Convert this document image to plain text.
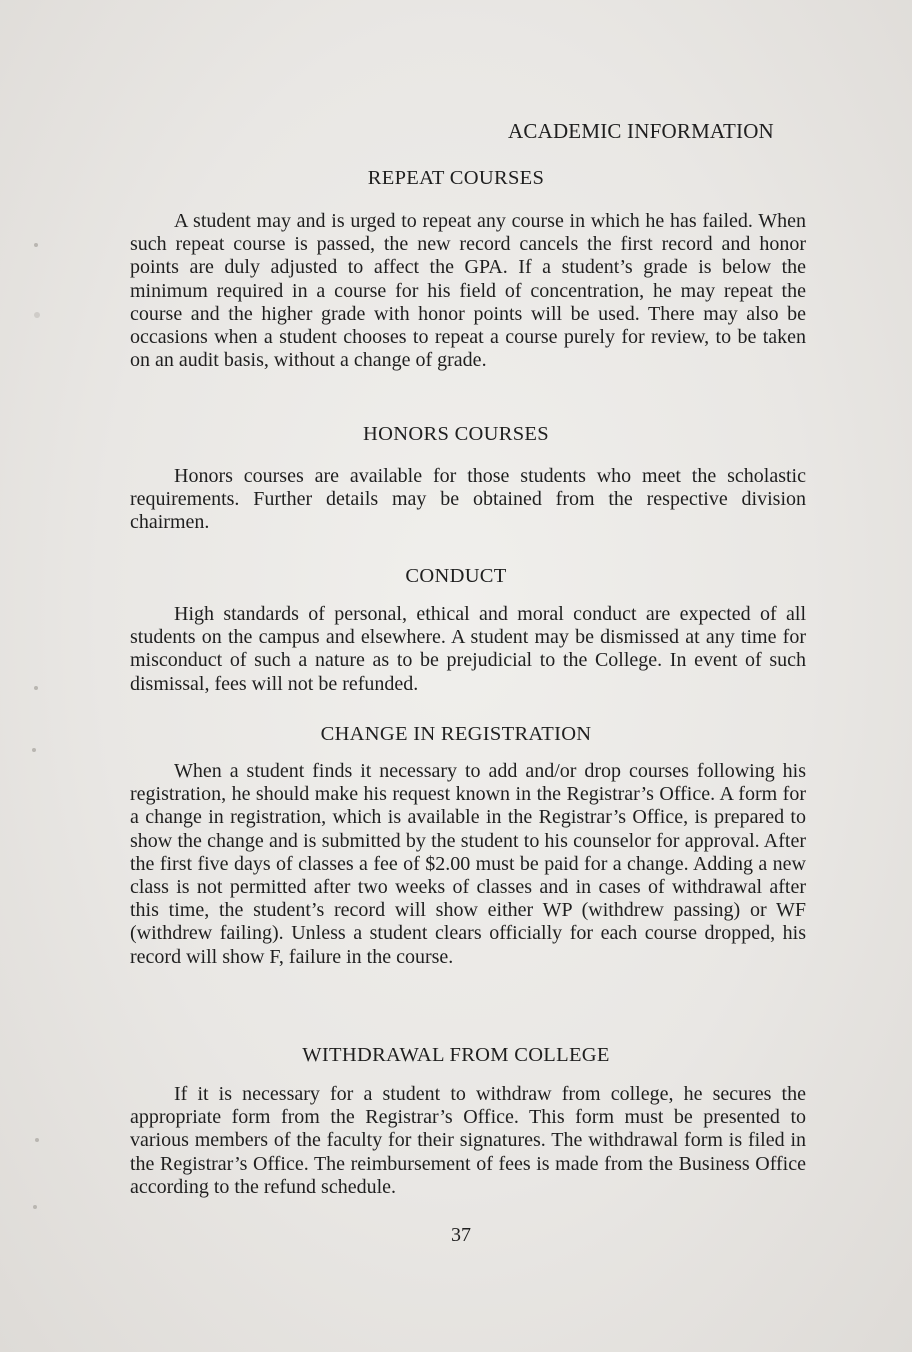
ACADEMIC INFORMATION
REPEAT COURSES

A student may and is urged to repeat any course in which he has failed. When such repeat course is passed, the new record cancels the first record and honor points are duly adjusted to affect the GPA. If a student’s grade is below the minimum required in a course for his field of concentration, he may repeat the course and the higher grade with honor points will be used. There may also be occasions when a student chooses to repeat a course purely for review, to be taken on an audit basis, without a change of grade.

HONORS COURSES

Honors courses are available for those students who meet the scholastic requirements. Further details may be obtained from the respective division chairmen.

CONDUCT

High standards of personal, ethical and moral conduct are expected of all students on the campus and elsewhere. A student may be dismissed at any time for misconduct of such a nature as to be prejudicial to the College. In event of such dismissal, fees will not be refunded.

CHANGE IN REGISTRATION

When a student finds it necessary to add and/or drop courses following his registration, he should make his request known in the Registrar’s Office. A form for a change in registration, which is available in the Registrar’s Office, is prepared to show the change and is submitted by the student to his counselor for approval. After the first five days of classes a fee of $2.00 must be paid for a change. Adding a new class is not permitted after two weeks of classes and in cases of withdrawal after this time, the student’s record will show either WP (withdrew passing) or WF (withdrew failing). Unless a student clears officially for each course dropped, his record will show F, failure in the course.

WITHDRAWAL FROM COLLEGE

If it is necessary for a student to withdraw from college, he secures the appropriate form from the Registrar’s Office. This form must be presented to various members of the faculty for their signatures. The withdrawal form is filed in the Registrar’s Office. The reimbursement of fees is made from the Business Office according to the refund schedule.

37
